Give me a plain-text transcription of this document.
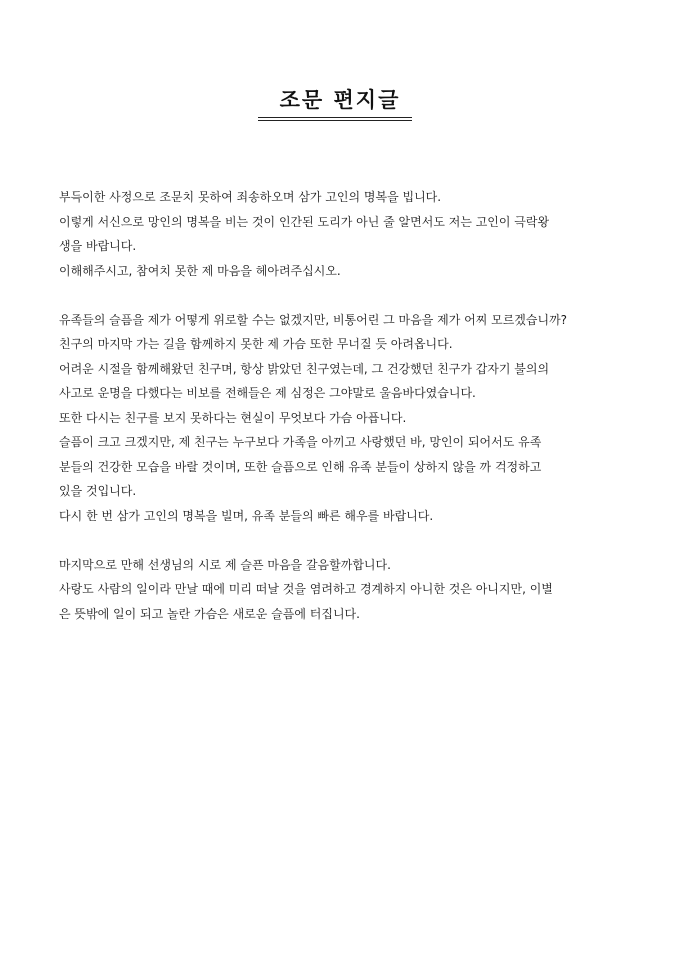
조문 편지글
부득이한 사정으로 조문치 못하여 죄송하오며 삼가 고인의 명복을 빕니다.
이렇게 서신으로 망인의 명복을 비는 것이 인간된 도리가 아닌 줄 알면서도 저는 고인이 극락왕
생을 바랍니다.
이해해주시고, 참여치 못한 제 마음을 헤아려주십시오.
유족들의 슬픔을 제가 어떻게 위로할 수는 없겠지만, 비통어린 그 마음을 제가 어찌 모르겠습니까?
친구의 마지막 가는 길을 함께하지 못한 제 가슴 또한 무너질 듯 아려옵니다.
어려운 시절을 함께해왔던 친구며, 항상 밝았던 친구였는데, 그 건강했던 친구가 갑자기 불의의
사고로 운명을 다했다는 비보를 전해들은 제 심정은 그야말로 울음바다였습니다.
또한 다시는 친구를 보지 못하다는 현실이 무엇보다 가슴 아픕니다.
슬픔이 크고 크겠지만, 제 친구는 누구보다 가족을 아끼고 사랑했던 바, 망인이 되어서도 유족
분들의 건강한 모습을 바랄 것이며, 또한 슬픔으로 인해 유족 분들이 상하지 않을 까 걱정하고
있을 것입니다.
다시 한 번 삼가 고인의 명복을 빌며, 유족 분들의 빠른 해우를 바랍니다.
마지막으로 만해 선생님의 시로 제 슬픈 마음을 갈음할까합니다.
사랑도 사람의 일이라 만날 때에 미리 떠날 것을 염려하고 경계하지 아니한 것은 아니지만, 이별
은 뜻밖에 일이 되고 놀란 가슴은 새로운 슬픔에 터집니다.
